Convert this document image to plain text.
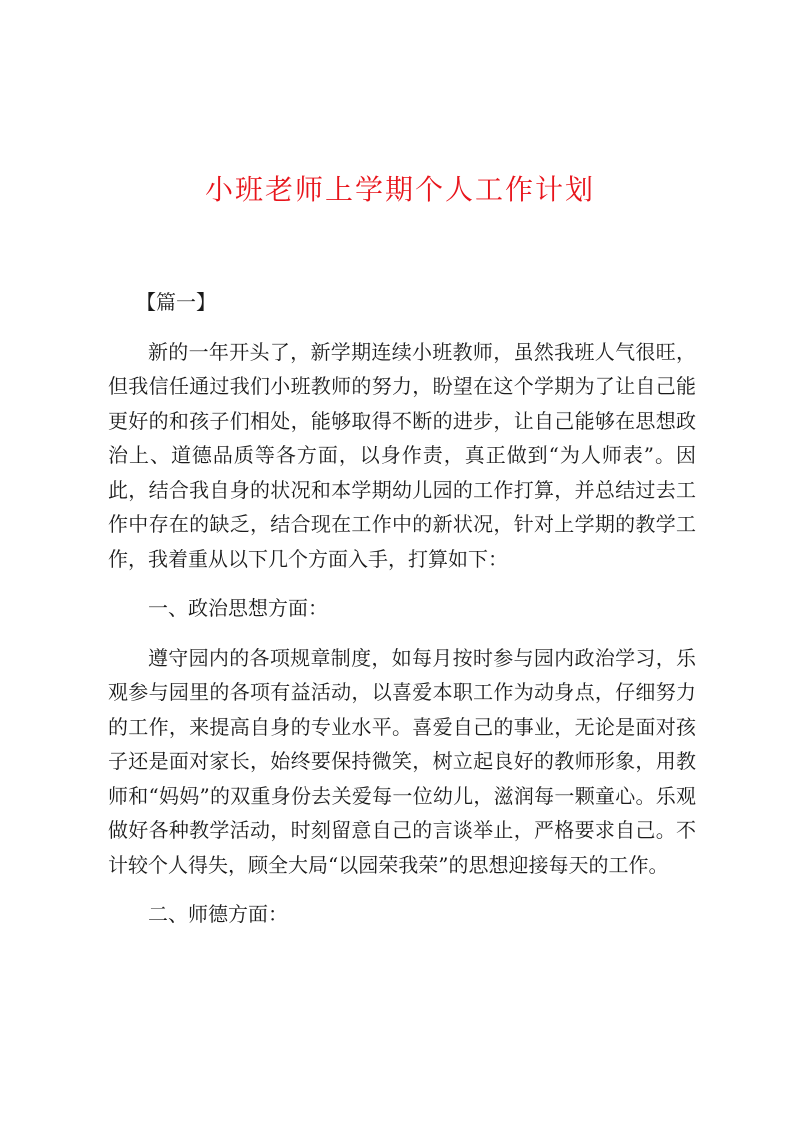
小班老师上学期个人工作计划

【篇一】

新的一年开头了，新学期连续小班教师，虽然我班人气很旺，但我信任通过我们小班教师的努力，盼望在这个学期为了让自己能更好的和孩子们相处，能够取得不断的进步，让自己能够在思想政治上、道德品质等各方面，以身作责，真正做到“为人师表”。因此，结合我自身的状况和本学期幼儿园的工作打算，并总结过去工作中存在的缺乏，结合现在工作中的新状况，针对上学期的教学工作，我着重从以下几个方面入手，打算如下：

一、政治思想方面：

遵守园内的各项规章制度，如每月按时参与园内政治学习，乐观参与园里的各项有益活动，以喜爱本职工作为动身点，仔细努力的工作，来提高自身的专业水平。喜爱自己的事业，无论是面对孩子还是面对家长，始终要保持微笑，树立起良好的教师形象，用教师和“妈妈”的双重身份去关爱每一位幼儿，滋润每一颗童心。乐观做好各种教学活动，时刻留意自己的言谈举止，严格要求自己。不计较个人得失，顾全大局“以园荣我荣”的思想迎接每天的工作。

二、师德方面：
